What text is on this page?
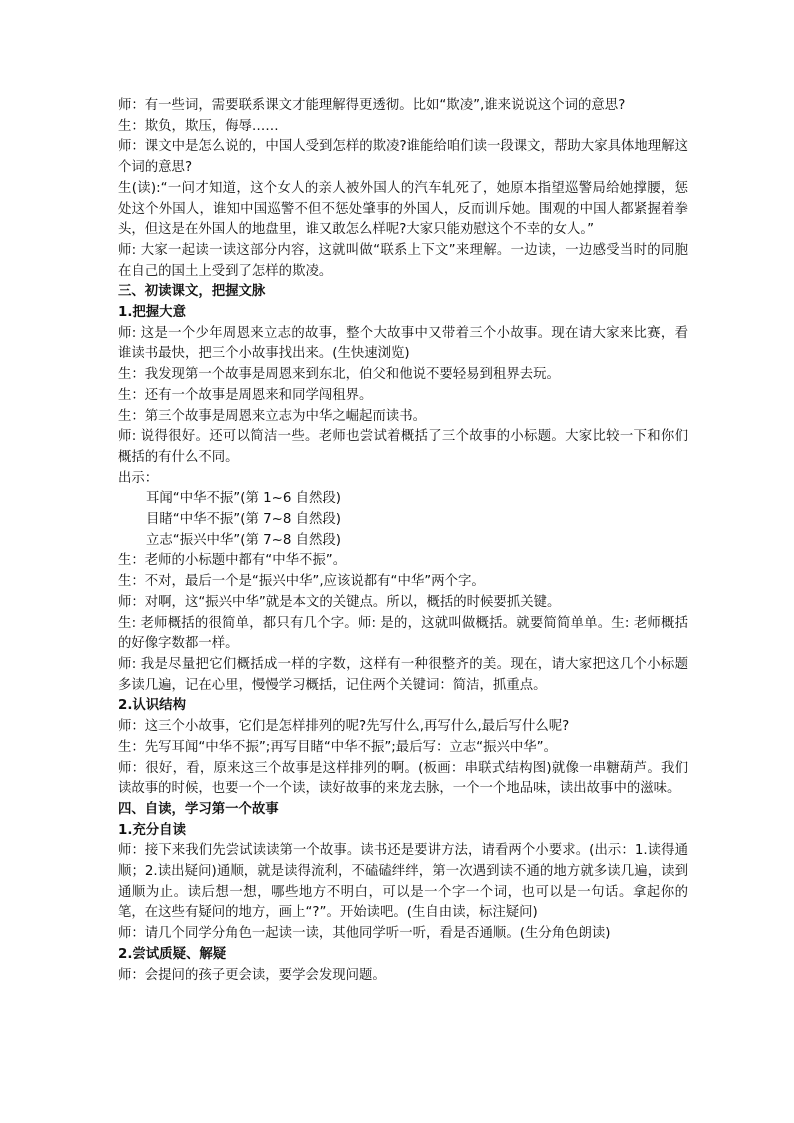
师：有一些词，需要联系课文才能理解得更透彻。比如“欺凌”,谁来说说这个词的意思?
生：欺负，欺压，侮辱……
师：课文中是怎么说的，中国人受到怎样的欺凌?谁能给咱们读一段课文，帮助大家具体地理解这个词的意思?
生(读):“一问才知道，这个女人的亲人被外国人的汽车轧死了，她原本指望巡警局给她撑腰，惩处这个外国人，谁知中国巡警不但不惩处肇事的外国人，反而训斥她。围观的中国人都紧握着拳头，但这是在外国人的地盘里，谁又敢怎么样呢?大家只能劝慰这个不幸的女人。”
师: 大家一起读一读这部分内容，这就叫做“联系上下文”来理解。一边读，一边感受当时的同胞在自己的国土上受到了怎样的欺凌。
三、初读课文，把握文脉
1.把握大意
师: 这是一个少年周恩来立志的故事，整个大故事中又带着三个小故事。现在请大家来比赛，看谁读书最快，把三个小故事找出来。(生快速浏览)
生：我发现第一个故事是周恩来到东北，伯父和他说不要轻易到租界去玩。
生：还有一个故事是周恩来和同学闯租界。
生：第三个故事是周恩来立志为中华之崛起而读书。
师: 说得很好。还可以简洁一些。老师也尝试着概括了三个故事的小标题。大家比较一下和你们概括的有什么不同。
出示：
耳闻“中华不振”(第 1~6 自然段)
目睹“中华不振”(第 7~8 自然段)
立志“振兴中华”(第 7~8 自然段)
生：老师的小标题中都有“中华不振”。
生：不对，最后一个是“振兴中华”,应该说都有“中华”两个字。
师：对啊，这“振兴中华”就是本文的关键点。所以，概括的时候要抓关键。
生: 老师概括的很简单，都只有几个字。师: 是的，这就叫做概括。就要简简单单。生: 老师概括的好像字数都一样。
师: 我是尽量把它们概括成一样的字数，这样有一种很整齐的美。现在，请大家把这几个小标题多读几遍，记在心里，慢慢学习概括，记住两个关键词：简洁，抓重点。
2.认识结构
师：这三个小故事，它们是怎样排列的呢?先写什么,再写什么,最后写什么呢?
生：先写耳闻“中华不振”;再写目睹“中华不振”;最后写：立志“振兴中华”。
师：很好，看，原来这三个故事是这样排列的啊。(板画：串联式结构图)就像一串糖葫芦。我们读故事的时候，也要一个一个读，读好故事的来龙去脉，一个一个地品味，读出故事中的滋味。
四、自读，学习第一个故事
1.充分自读
师：接下来我们先尝试读读第一个故事。读书还是要讲方法，请看两个小要求。(出示：1.读得通顺；2.读出疑问)通顺，就是读得流利，不磕磕绊绊，第一次遇到读不通的地方就多读几遍，读到通顺为止。读后想一想，哪些地方不明白，可以是一个字一个词，也可以是一句话。拿起你的笔，在这些有疑问的地方，画上“?”。开始读吧。(生自由读，标注疑问)
师：请几个同学分角色一起读一读，其他同学听一听，看是否通顺。(生分角色朗读)
2.尝试质疑、解疑
师：会提问的孩子更会读，要学会发现问题。
